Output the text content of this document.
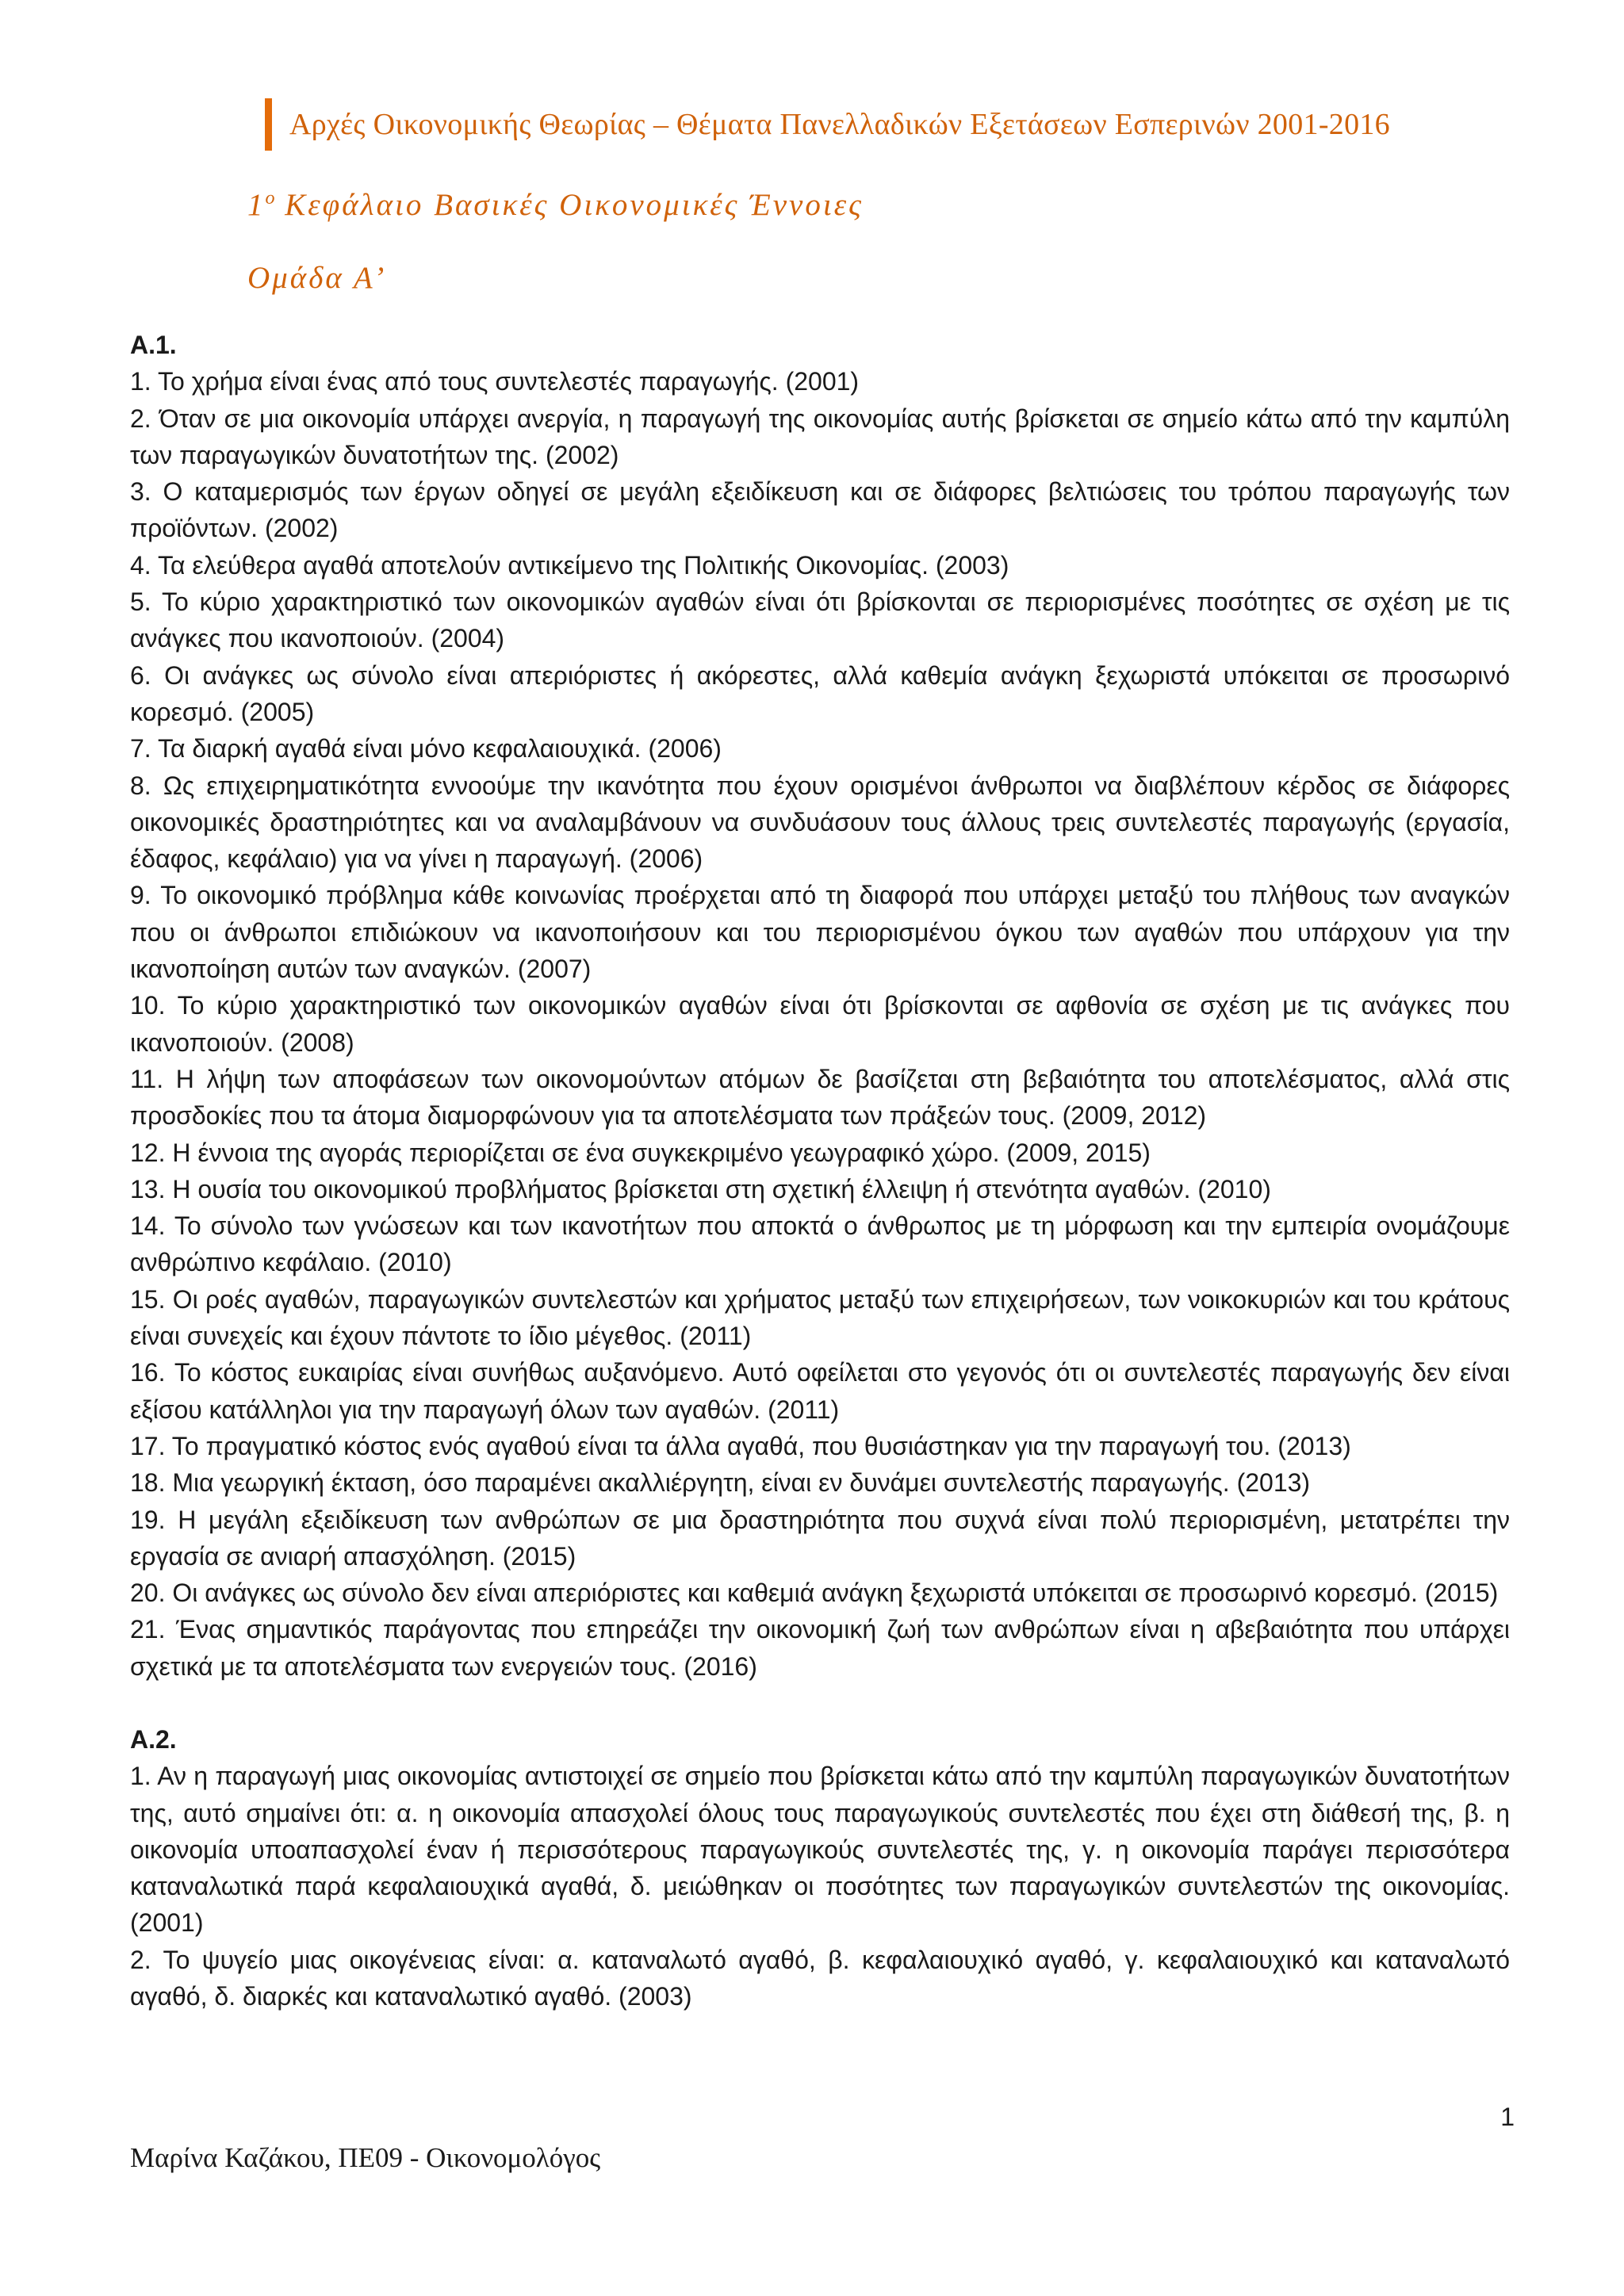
Αρχές Οικονομικής Θεωρίας – Θέματα Πανελλαδικών Εξετάσεων Εσπερινών 2001-2016
$1^o$ Κεφάλαιο Βασικές Οικονομικές Έννοιες
Ομάδα Α’

Α.1.

1. Το χρήμα είναι ένας από τους συντελεστές παραγωγής. (2001)

2. Όταν σε μια οικονομία υπάρχει ανεργία, η παραγωγή της οικονομίας αυτής βρίσκεται σε σημείο κάτω από την καμπύλη των παραγωγικών δυνατοτήτων της. (2002)

3. Ο καταμερισμός των έργων οδηγεί σε μεγάλη εξειδίκευση και σε διάφορες βελτιώσεις του τρόπου παραγωγής των προϊόντων. (2002)

4. Τα ελεύθερα αγαθά αποτελούν αντικείμενο της Πολιτικής Οικονομίας. (2003)

5. Το κύριο χαρακτηριστικό των οικονομικών αγαθών είναι ότι βρίσκονται σε περιορισμένες ποσότητες σε σχέση με τις ανάγκες που ικανοποιούν. (2004)

6. Οι ανάγκες ως σύνολο είναι απεριόριστες ή ακόρεστες, αλλά καθεμία ανάγκη ξεχωριστά υπόκειται σε προσωρινό κορεσμό. (2005)

7. Τα διαρκή αγαθά είναι μόνο κεφαλαιουχικά. (2006)

8. Ως επιχειρηματικότητα εννοούμε την ικανότητα που έχουν ορισμένοι άνθρωποι να διαβλέπουν κέρδος σε διάφορες οικονομικές δραστηριότητες και να αναλαμβάνουν να συνδυάσουν τους άλλους τρεις συντελεστές παραγωγής (εργασία, έδαφος, κεφάλαιο) για να γίνει η παραγωγή. (2006)

9. Το οικονομικό πρόβλημα κάθε κοινωνίας προέρχεται από τη διαφορά που υπάρχει μεταξύ του πλήθους των αναγκών που οι άνθρωποι επιδιώκουν να ικανοποιήσουν και του περιορισμένου όγκου των αγαθών που υπάρχουν για την ικανοποίηση αυτών των αναγκών. (2007)

10. Το κύριο χαρακτηριστικό των οικονομικών αγαθών είναι ότι βρίσκονται σε αφθονία σε σχέση με τις ανάγκες που ικανοποιούν. (2008)

11. Η λήψη των αποφάσεων των οικονομούντων ατόμων δε βασίζεται στη βεβαιότητα του αποτελέσματος, αλλά στις προσδοκίες που τα άτομα διαμορφώνουν για τα αποτελέσματα των πράξεών τους. (2009, 2012)

12. Η έννοια της αγοράς περιορίζεται σε ένα συγκεκριμένο γεωγραφικό χώρο. (2009, 2015)

13. Η ουσία του οικονομικού προβλήματος βρίσκεται στη σχετική έλλειψη ή στενότητα αγαθών. (2010)

14. Το σύνολο των γνώσεων και των ικανοτήτων που αποκτά ο άνθρωπος με τη μόρφωση και την εμπειρία ονομάζουμε ανθρώπινο κεφάλαιο. (2010)

15. Οι ροές αγαθών, παραγωγικών συντελεστών και χρήματος μεταξύ των επιχειρήσεων, των νοικοκυριών και του κράτους είναι συνεχείς και έχουν πάντοτε το ίδιο μέγεθος. (2011)

16. Το κόστος ευκαιρίας είναι συνήθως αυξανόμενο. Αυτό οφείλεται στο γεγονός ότι οι συντελεστές παραγωγής δεν είναι εξίσου κατάλληλοι για την παραγωγή όλων των αγαθών. (2011)

17. Το πραγματικό κόστος ενός αγαθού είναι τα άλλα αγαθά, που θυσιάστηκαν για την παραγωγή του. (2013)

18. Μια γεωργική έκταση, όσο παραμένει ακαλλιέργητη, είναι εν δυνάμει συντελεστής παραγωγής. (2013)

19. Η μεγάλη εξειδίκευση των ανθρώπων σε μια δραστηριότητα που συχνά είναι πολύ περιορισμένη, μετατρέπει την εργασία σε ανιαρή απασχόληση. (2015)

20. Οι ανάγκες ως σύνολο δεν είναι απεριόριστες και καθεμιά ανάγκη ξεχωριστά υπόκειται σε προσωρινό κορεσμό. (2015)

21. Ένας σημαντικός παράγοντας που επηρεάζει την οικονομική ζωή των ανθρώπων είναι η αβεβαιότητα που υπάρχει σχετικά με τα αποτελέσματα των ενεργειών τους. (2016)

Α.2.

1. Αν η παραγωγή μιας οικονομίας αντιστοιχεί σε σημείο που βρίσκεται κάτω από την καμπύλη παραγωγικών δυνατοτήτων της, αυτό σημαίνει ότι: α. η οικονομία απασχολεί όλους τους παραγωγικούς συντελεστές που έχει στη διάθεσή της, β. η οικονομία υποαπασχολεί έναν ή περισσότερους παραγωγικούς συντελεστές της, γ. η οικονομία παράγει περισσότερα καταναλωτικά παρά κεφαλαιουχικά αγαθά, δ. μειώθηκαν οι ποσότητες των παραγωγικών συντελεστών της οικονομίας. (2001)

2. Το ψυγείο μιας οικογένειας είναι: α. καταναλωτό αγαθό, β. κεφαλαιουχικό αγαθό, γ. κεφαλαιουχικό και καταναλωτό αγαθό, δ. διαρκές και καταναλωτικό αγαθό. (2003)

1
Μαρίνα Καζάκου, ΠΕ09 - Οικονομολόγος
